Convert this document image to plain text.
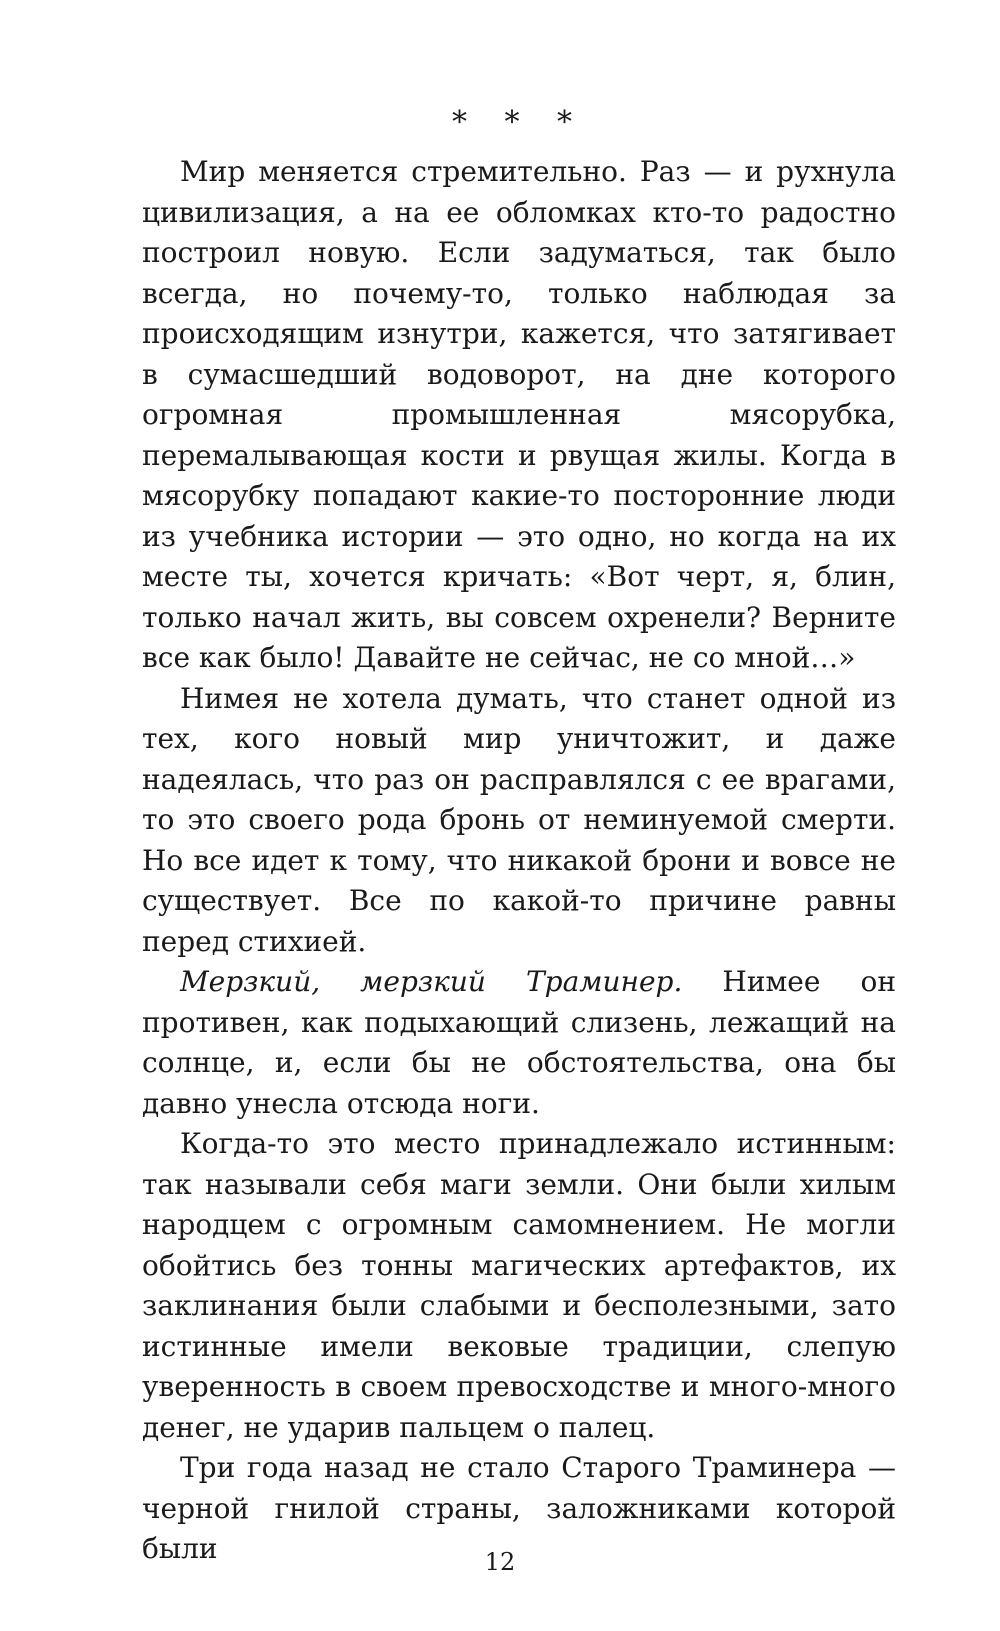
* * *

Мир меняется стремительно. Раз — и рухнула цивилизация, а на ее обломках кто-то радостно построил новую. Если задуматься, так было всегда, но почему-то, только наблюдая за происходящим изнутри, кажется, что затягивает в сумасшедший водоворот, на дне которого огромная промышленная мясорубка, перемалывающая кости и рвущая жилы. Когда в мясорубку попадают какие-то посторонние люди из учебника истории — это одно, но когда на их месте ты, хочется кричать: «Вот черт, я, блин, только начал жить, вы совсем охренели? Верните все как было! Давайте не сейчас, не со мной…»

Нимея не хотела думать, что станет одной из тех, кого новый мир уничтожит, и даже надеялась, что раз он расправлялся с ее врагами, то это своего рода бронь от неминуемой смерти. Но все идет к тому, что никакой брони и вовсе не существует. Все по какой-то причине равны перед стихией.

Мерзкий, мерзкий Траминер. Нимее он противен, как подыхающий слизень, лежащий на солнце, и, если бы не обстоятельства, она бы давно унесла отсюда ноги.

Когда-то это место принадлежало истинным: так называли себя маги земли. Они были хилым народцем с огромным самомнением. Не могли обойтись без тонны магических артефактов, их заклинания были слабыми и бесполезными, зато истинные имели вековые традиции, слепую уверенность в своем превосходстве и много-много денег, не ударив пальцем о палец.

Три года назад не стало Старого Траминера — черной гнилой страны, заложниками которой были	12
